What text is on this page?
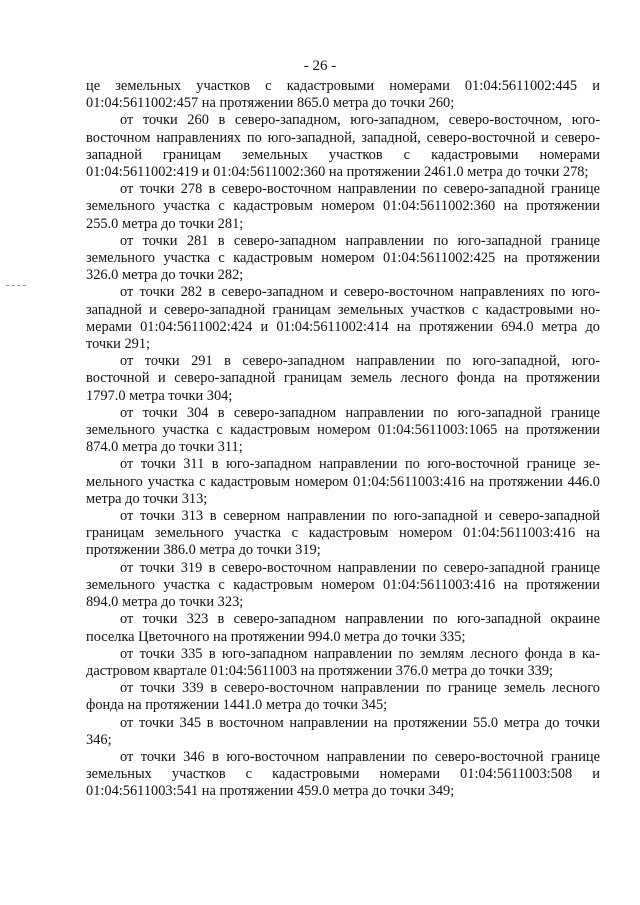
- 26 -

це земельных участков с кадастровыми номерами 01:04:5611002:445 и 01:04:5611002:457 на протяжении 865.0 метра до точки 260;

от точки 260 в северо-западном, юго-западном, северо-восточном, юго-восточном направлениях по юго-западной, западной, северо-восточной и северо-западной границам земельных участков с кадастровыми номерами 01:04:5611002:419 и 01:04:5611002:360 на протяжении 2461.0 метра до точки 278;

от точки 278 в северо-восточном направлении по северо-западной границе земельного участка с кадастровым номером 01:04:5611002:360 на протяжении 255.0 метра до точки 281;

от точки 281 в северо-западном направлении по юго-западной границе земельного участка с кадастровым номером 01:04:5611002:425 на протяжении 326.0 метра до точки 282;

от точки 282 в северо-западном и северо-восточном направлениях по юго-западной и северо-западной границам земельных участков с кадастровыми номерами 01:04:5611002:424 и 01:04:5611002:414 на протяжении 694.0 метра до точки 291;

от точки 291 в северо-западном направлении по юго-западной, юго-восточной и северо-западной границам земель лесного фонда на протяжении 1797.0 метра точки 304;

от точки 304 в северо-западном направлении по юго-западной границе земельного участка с кадастровым номером 01:04:5611003:1065 на протяжении 874.0 метра до точки 311;

от точки 311 в юго-западном направлении по юго-восточной границе земельного участка с кадастровым номером 01:04:5611003:416 на протяжении 446.0 метра до точки 313;

от точки 313 в северном направлении по юго-западной и северо-западной границам земельного участка с кадастровым номером 01:04:5611003:416 на протяжении 386.0 метра до точки 319;

от точки 319 в северо-восточном направлении по северо-западной границе земельного участка с кадастровым номером 01:04:5611003:416 на протяжении 894.0 метра до точки 323;

от точки 323 в северо-западном направлении по юго-западной окраине поселка Цветочного на протяжении 994.0 метра до точки 335;

от точки 335 в юго-западном направлении по землям лесного фонда в кадастровом квартале 01:04:5611003 на протяжении 376.0 метра до точки 339;

от точки 339 в северо-восточном направлении по границе земель лесного фонда на протяжении 1441.0 метра до точки 345;

от точки 345 в восточном направлении на протяжении 55.0 метра до точки 346;

от точки 346 в юго-восточном направлении по северо-восточной границе земельных участков с кадастровыми номерами 01:04:5611003:508 и 01:04:5611003:541 на протяжении 459.0 метра до точки 349;
